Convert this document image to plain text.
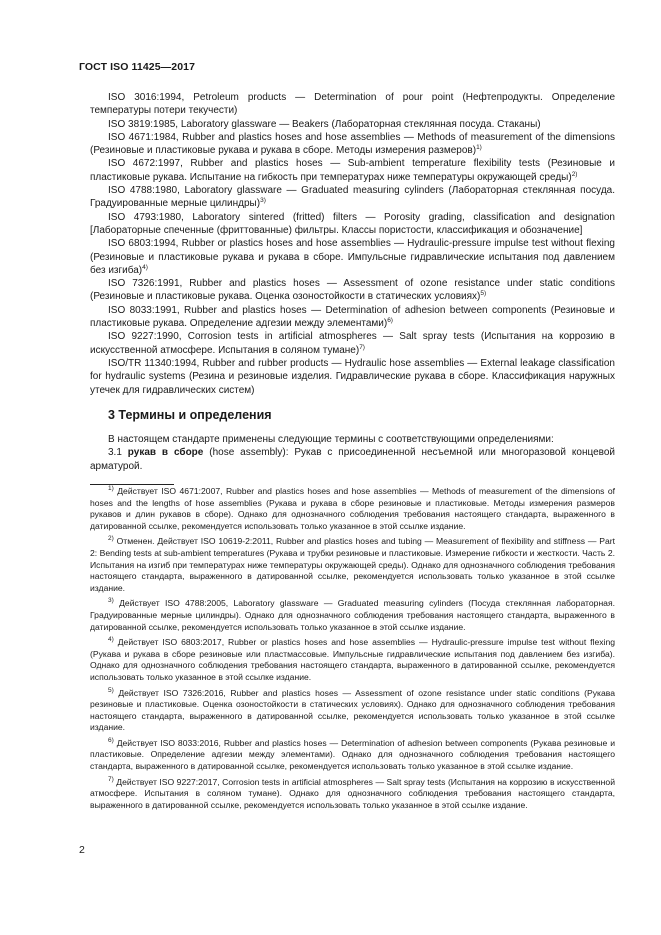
ГОСТ ISO 11425—2017

ISO 3016:1994, Petroleum products — Determination of pour point (Нефтепродукты. Определение температуры потери текучести)

ISO 3819:1985, Laboratory glassware — Beakers (Лабораторная стеклянная посуда. Стаканы)

ISO 4671:1984, Rubber and plastics hoses and hose assemblies — Methods of measurement of the dimensions (Резиновые и пластиковые рукава и рукава в сборе. Методы измерения размеров)$^{1)}$

ISO 4672:1997, Rubber and plastics hoses — Sub-ambient temperature flexibility tests (Резиновые и пластиковые рукава. Испытание на гибкость при температурах ниже температуры окружающей среды)$^{2)}$

ISO 4788:1980, Laboratory glassware — Graduated measuring cylinders (Лабораторная стеклянная посуда. Градуированные мерные цилиндры)$^{3)}$

ISO 4793:1980, Laboratory sintered (fritted) filters — Porosity grading, classification and designation [Лабораторные спеченные (фриттованные) фильтры. Классы пористости, классификация и обозначение]

ISO 6803:1994, Rubber or plastics hoses and hose assemblies — Hydraulic-pressure impulse test without flexing (Резиновые и пластиковые рукава и рукава в сборе. Импульсные гидравлические испытания под давлением без изгиба)$^{4)}$

ISO 7326:1991, Rubber and plastics hoses — Assessment of ozone resistance under static conditions (Резиновые и пластиковые рукава. Оценка озоностойкости в статических условиях)$^{5)}$

ISO 8033:1991, Rubber and plastics hoses — Determination of adhesion between components (Резиновые и пластиковые рукава. Определение адгезии между элементами)$^{6)}$

ISO 9227:1990, Corrosion tests in artificial atmospheres — Salt spray tests (Испытания на коррозию в искусственной атмосфере. Испытания в соляном тумане)$^{7)}$

ISO/TR 11340:1994, Rubber and rubber products — Hydraulic hose assemblies — External leakage classification for hydraulic systems (Резина и резиновые изделия. Гидравлические рукава в сборе. Классификация наружных утечек для гидравлических систем)

3 Термины и определения

В настоящем стандарте применены следующие термины с соответствующими определениями:

3.1 рукав в сборе (hose assembly): Рукав с присоединенной несъемной или многоразовой концевой арматурой.

$^{1)}$ Действует ISO 4671:2007, Rubber and plastics hoses and hose assemblies — Methods of measurement of the dimensions of hoses and the lengths of hose assemblies (Рукава и рукава в сборе резиновые и пластиковые. Методы измерения размеров рукавов и длин рукавов в сборе). Однако для однозначного соблюдения требования настоящего стандарта, выраженного в датированной ссылке, рекомендуется использовать только указанное в этой ссылке издание.

$^{2)}$ Отменен. Действует ISO 10619-2:2011, Rubber and plastics hoses and tubing — Measurement of flexibility and stiffness — Part 2: Bending tests at sub-ambient temperatures (Рукава и трубки резиновые и пластиковые. Измерение гибкости и жесткости. Часть 2. Испытания на изгиб при температурах ниже температуры окружающей среды). Однако для однозначного соблюдения требования настоящего стандарта, выраженного в датированной ссылке, рекомендуется использовать только указанное в этой ссылке издание.

$^{3)}$ Действует ISO 4788:2005, Laboratory glassware — Graduated measuring cylinders (Посуда стеклянная лабораторная. Градуированные мерные цилиндры). Однако для однозначного соблюдения требования настоящего стандарта, выраженного в датированной ссылке, рекомендуется использовать только указанное в этой ссылке издание.

$^{4)}$ Действует ISO 6803:2017, Rubber or plastics hoses and hose assemblies — Hydraulic-pressure impulse test without flexing (Рукава и рукава в сборе резиновые или пластмассовые. Импульсные гидравлические испытания под давлением без изгиба). Однако для однозначного соблюдения требования настоящего стандарта, выраженного в датированной ссылке, рекомендуется использовать только указанное в этой ссылке издание.

$^{5)}$ Действует ISO 7326:2016, Rubber and plastics hoses — Assessment of ozone resistance under static conditions (Рукава резиновые и пластиковые. Оценка озоностойкости в статических условиях). Однако для однозначного соблюдения требования настоящего стандарта, выраженного в датированной ссылке, рекомендуется использовать только указанное в этой ссылке издание.

$^{6)}$ Действует ISO 8033:2016, Rubber and plastics hoses — Determination of adhesion between components (Рукава резиновые и пластиковые. Определение адгезии между элементами). Однако для однозначного соблюдения требования настоящего стандарта, выраженного в датированной ссылке, рекомендуется использовать только указанное в этой ссылке издание.

$^{7)}$ Действует ISO 9227:2017, Corrosion tests in artificial atmospheres — Salt spray tests (Испытания на коррозию в искусственной атмосфере. Испытания в соляном тумане). Однако для однозначного соблюдения требования настоящего стандарта, выраженного в датированной ссылке, рекомендуется использовать только указанное в этой ссылке издание.

2
